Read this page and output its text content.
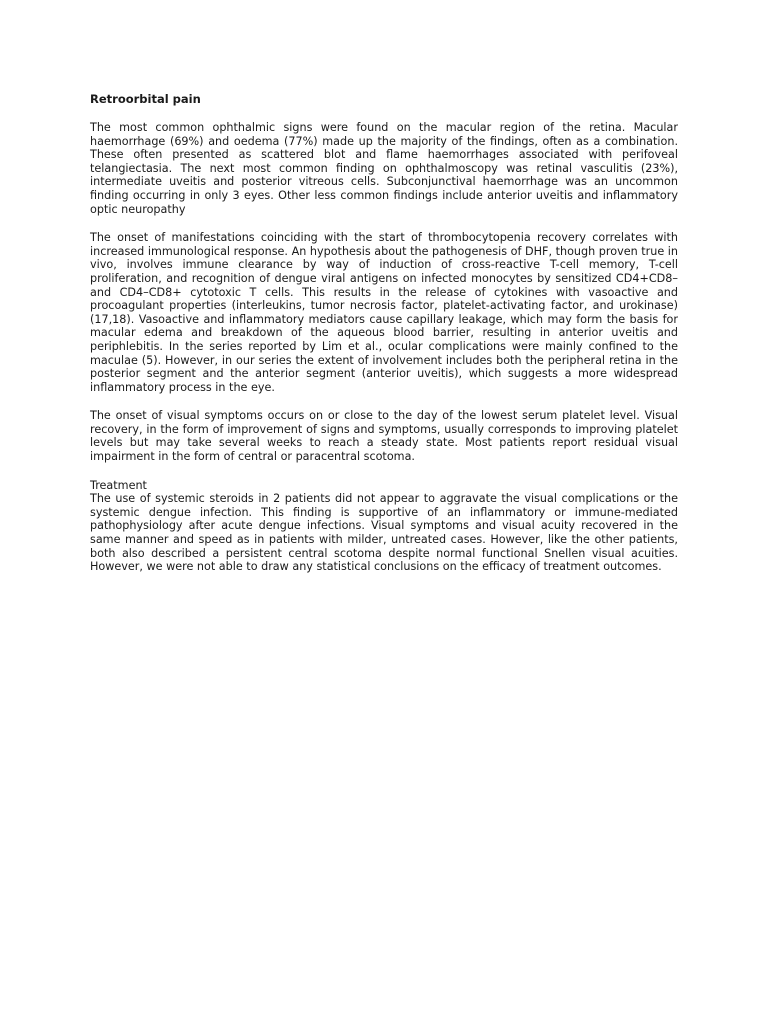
Retroorbital pain

The most common ophthalmic signs were found on the macular region of the retina. Macular haemorrhage (69%) and oedema (77%) made up the majority of the findings, often as a combination. These often presented as scattered blot and flame haemorrhages associated with perifoveal telangiectasia. The next most common finding on ophthalmoscopy was retinal vasculitis (23%), intermediate uveitis and posterior vitreous cells. Subconjunctival haemorrhage was an uncommon finding occurring in only 3 eyes. Other less common findings include anterior uveitis and inflammatory optic neuropathy

The onset of manifestations coinciding with the start of thrombocytopenia recovery correlates with increased immunological response. An hypothesis about the pathogenesis of DHF, though proven true in vivo, involves immune clearance by way of induction of cross-reactive T-cell memory, T-cell proliferation, and recognition of dengue viral antigens on infected monocytes by sensitized CD4+CD8– and CD4–CD8+ cytotoxic T cells. This results in the release of cytokines with vasoactive and procoagulant properties (interleukins, tumor necrosis factor, platelet-activating factor, and urokinase) (17,18). Vasoactive and inflammatory mediators cause capillary leakage, which may form the basis for macular edema and breakdown of the aqueous blood barrier, resulting in anterior uveitis and periphlebitis. In the series reported by Lim et al., ocular complications were mainly confined to the maculae (5). However, in our series the extent of involvement includes both the peripheral retina in the posterior segment and the anterior segment (anterior uveitis), which suggests a more widespread inflammatory process in the eye.

The onset of visual symptoms occurs on or close to the day of the lowest serum platelet level. Visual recovery, in the form of improvement of signs and symptoms, usually corresponds to improving platelet levels but may take several weeks to reach a steady state. Most patients report residual visual impairment in the form of central or paracentral scotoma.

Treatment

The use of systemic steroids in 2 patients did not appear to aggravate the visual complications or the systemic dengue infection. This finding is supportive of an inflammatory or immune-mediated pathophysiology after acute dengue infections. Visual symptoms and visual acuity recovered in the same manner and speed as in patients with milder, untreated cases. However, like the other patients, both also described a persistent central scotoma despite normal functional Snellen visual acuities. However, we were not able to draw any statistical conclusions on the efficacy of treatment outcomes.
